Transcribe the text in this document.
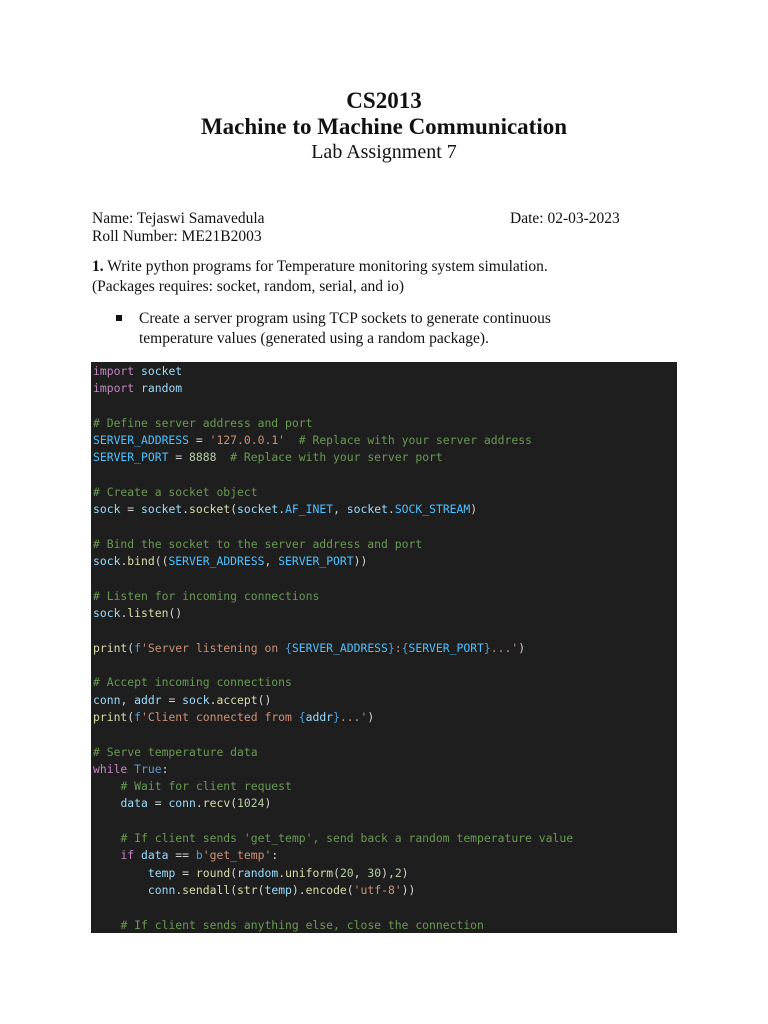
CS2013
Machine to Machine Communication
Lab Assignment 7
Name: Tejaswi Samavedula	Date: 02-03-2023
Roll Number: ME21B2003
1. Write python programs for Temperature monitoring system simulation.
(Packages requires: socket, random, serial, and io)
Create a server program using TCP sockets to generate continuous temperature values (generated using a random package).
import socket
import random

# Define server address and port
SERVER_ADDRESS = '127.0.0.1' # Replace with your server address
SERVER_PORT = 8888 # Replace with your server port

# Create a socket object
sock = socket.socket(socket.AF_INET, socket.SOCK_STREAM)

# Bind the socket to the server address and port
sock.bind((SERVER_ADDRESS, SERVER_PORT))

# Listen for incoming connections
sock.listen()

print(f'Server listening on {SERVER_ADDRESS}:{SERVER_PORT}...')

# Accept incoming connections
conn, addr = sock.accept()
print(f'Client connected from {addr}...')

# Serve temperature data
while True:
# Wait for client request
data = conn.recv(1024)

# If client sends 'get_temp', send back a random temperature value
if data == b'get_temp':
temp = round(random.uniform(20, 30),2)
conn.sendall(str(temp).encode('utf-8'))

# If client sends anything else, close the connection
